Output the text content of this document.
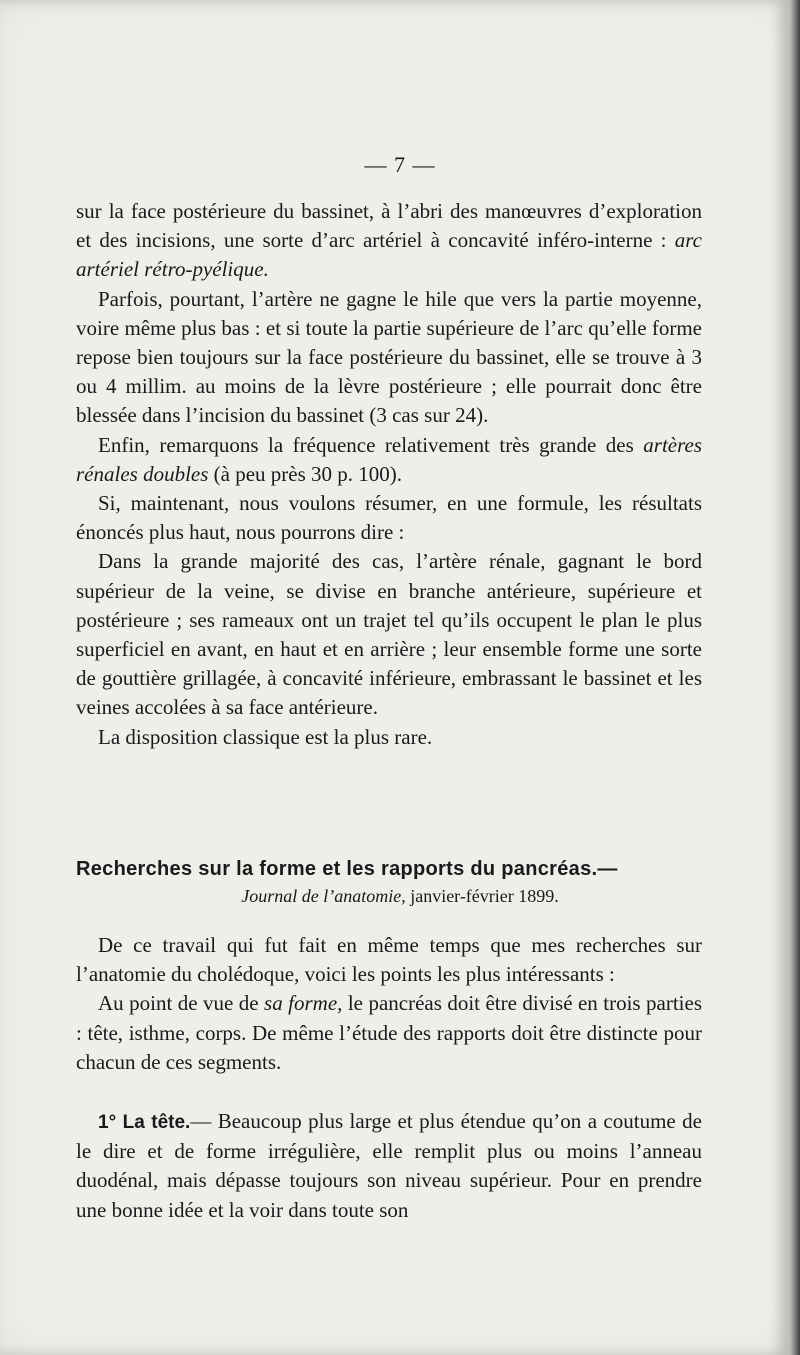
— 7 —

sur la face postérieure du bassinet, à l’abri des manœuvres d’exploration et des incisions, une sorte d’arc artériel à concavité inféro-interne : arc artériel rétro-pyélique.

Parfois, pourtant, l’artère ne gagne le hile que vers la partie moyenne, voire même plus bas : et si toute la partie supérieure de l’arc qu’elle forme repose bien toujours sur la face postérieure du bassinet, elle se trouve à 3 ou 4 millim. au moins de la lèvre postérieure ; elle pourrait donc être blessée dans l’incision du bassinet (3 cas sur 24).

Enfin, remarquons la fréquence relativement très grande des artères rénales doubles (à peu près 30 p. 100).

Si, maintenant, nous voulons résumer, en une formule, les résultats énoncés plus haut, nous pourrons dire :

Dans la grande majorité des cas, l’artère rénale, gagnant le bord supérieur de la veine, se divise en branche antérieure, supérieure et postérieure ; ses rameaux ont un trajet tel qu’ils occupent le plan le plus superficiel en avant, en haut et en arrière ; leur ensemble forme une sorte de gouttière grillagée, à concavité inférieure, embrassant le bassinet et les veines accolées à sa face antérieure.

La disposition classique est la plus rare.

Recherches sur la forme et les rapports du pancréas.—
Journal de l’anatomie, janvier-février 1899.

De ce travail qui fut fait en même temps que mes recherches sur l’anatomie du cholédoque, voici les points les plus intéressants :

Au point de vue de sa forme, le pancréas doit être divisé en trois parties : tête, isthme, corps. De même l’étude des rapports doit être distincte pour chacun de ces segments.

1° La tête.— Beaucoup plus large et plus étendue qu’on a coutume de le dire et de forme irrégulière, elle remplit plus ou moins l’anneau duodénal, mais dépasse toujours son niveau supérieur. Pour en prendre une bonne idée et la voir dans toute son
